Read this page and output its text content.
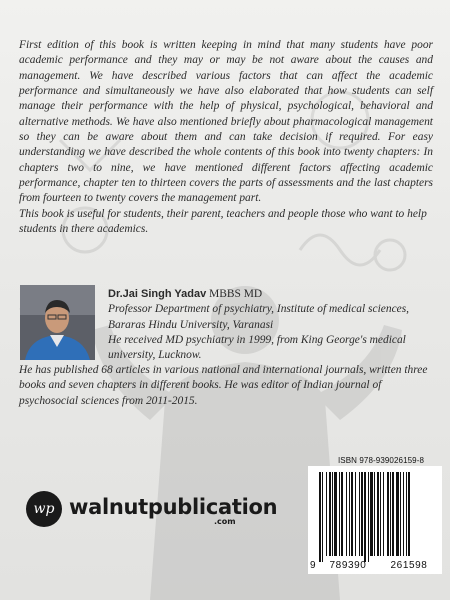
First edition of this book is written keeping in mind that many students have poor academic performance and they may or may be not aware about the causes and management. We have described various factors that can affect the academic performance and simultaneously we have also elaborated that how students can self manage their performance with the help of physical, psychological, behavioral and alternative methods. We have also mentioned briefly about pharmacological management so they can be aware about them and can take decision if required. For easy understanding we have described the whole contents of this book into twenty chapters: In chapters two to nine, we have mentioned different factors affecting academic performance, chapter ten to thirteen covers the parts of assessments and the last chapters from fourteen to twenty covers the management part.

This book is useful for students, their parent, teachers and people those who want to help students in there academics.

Dr.Jai Singh Yadav MBBS MD
Professor Department of psychiatry, Institute of medical sciences, Bararas Hindu University, Varanasi
He received MD psychiatry in 1999, from King George's medical university, Lucknow.

He has published 68 articles in various national and international journals, written three books and seven chapters in different books. He was editor of Indian journal of psychosocial sciences from 2011-2015.

wp walnutpublication
.com
ISBN 978-939026159-8
9	789390	261598
